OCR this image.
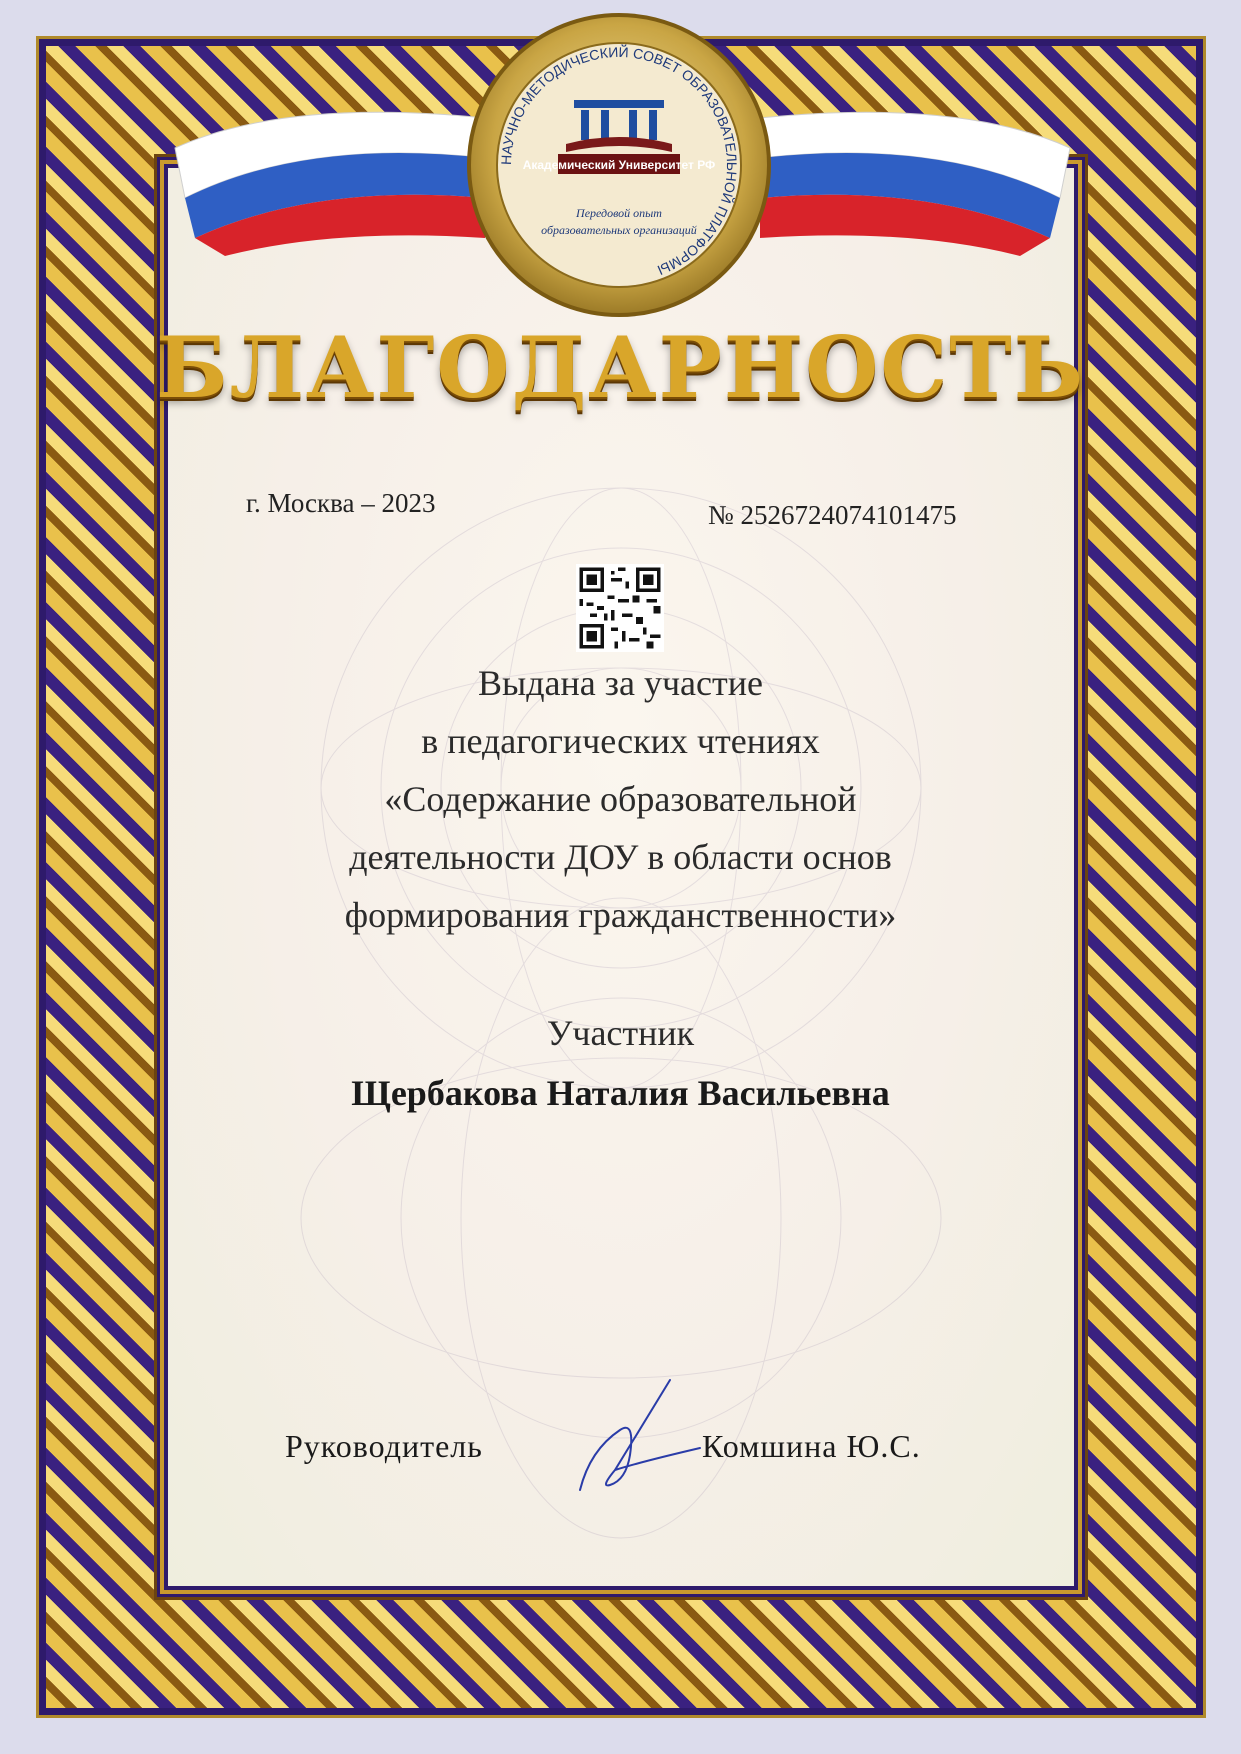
НАУЧНО-МЕТОДИЧЕСКИЙ СОВЕТ ОБРАЗОВАТЕЛЬНОЙ ПЛАТФОРМЫ
Академический Университет РФ
Передовой опыт
образовательных организаций
БЛАГОДАРНОСТЬ
г. Москва – 2023	№ 2526724074101475
Выдана за участие
в педагогических чтениях
«Содержание образовательной
деятельности ДОУ в области основ
формирования гражданственности»
Участник
Щербакова Наталия Васильевна
Руководитель	Комшина Ю.С.
